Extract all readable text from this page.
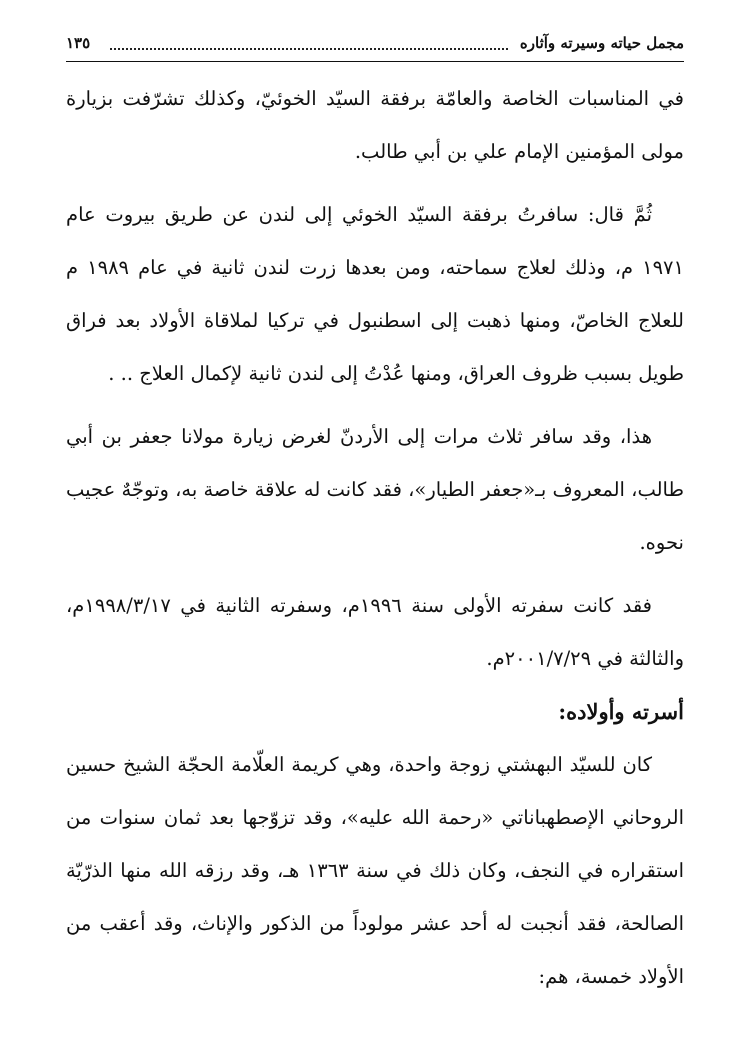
مجمل حياته وسيرته وآثاره
١٣٥

في المناسبات الخاصة والعامّة برفقة السيّد الخوئيّ، وكذلك تشرّفت بزيارة مولى المؤمنين الإمام علي بن أبي طالب.

ثُمَّ قال: سافرتُ برفقة السيّد الخوئي إلى لندن عن طريق بيروت عام ١٩٧١ م، وذلك لعلاج سماحته، ومن بعدها زرت لندن ثانية في عام ١٩٨٩ م للعلاج الخاصّ، ومنها ذهبت إلى اسطنبول في تركيا لملاقاة الأولاد بعد فراق طويل بسبب ظروف العراق، ومنها عُدْتُ إلى لندن ثانية لإكمال العلاج .. .

هذا، وقد سافر ثلاث مرات إلى الأردنّ لغرض زيارة مولانا جعفر بن أبي طالب، المعروف بـ«جعفر الطيار»، فقد كانت له علاقة خاصة به، وتوجّهٌ عجيب نحوه.

فقد كانت سفرته الأولى سنة ١٩٩٦م، وسفرته الثانية في ١٩٩٨/٣/١٧م، والثالثة في ٢٠٠١/٧/٢٩م.

أسرته وأولاده:

كان للسيّد البهشتي زوجة واحدة، وهي كريمة العلّامة الحجّة الشيخ حسين الروحاني الإصطهباناتي «رحمة الله عليه»، وقد تزوّجها بعد ثمان سنوات من استقراره في النجف، وكان ذلك في سنة ١٣٦٣ هـ، وقد رزقه الله منها الذرّيّة الصالحة، فقد أنجبت له أحد عشر مولوداً من الذكور والإناث، وقد أعقب من الأولاد خمسة، هم:
